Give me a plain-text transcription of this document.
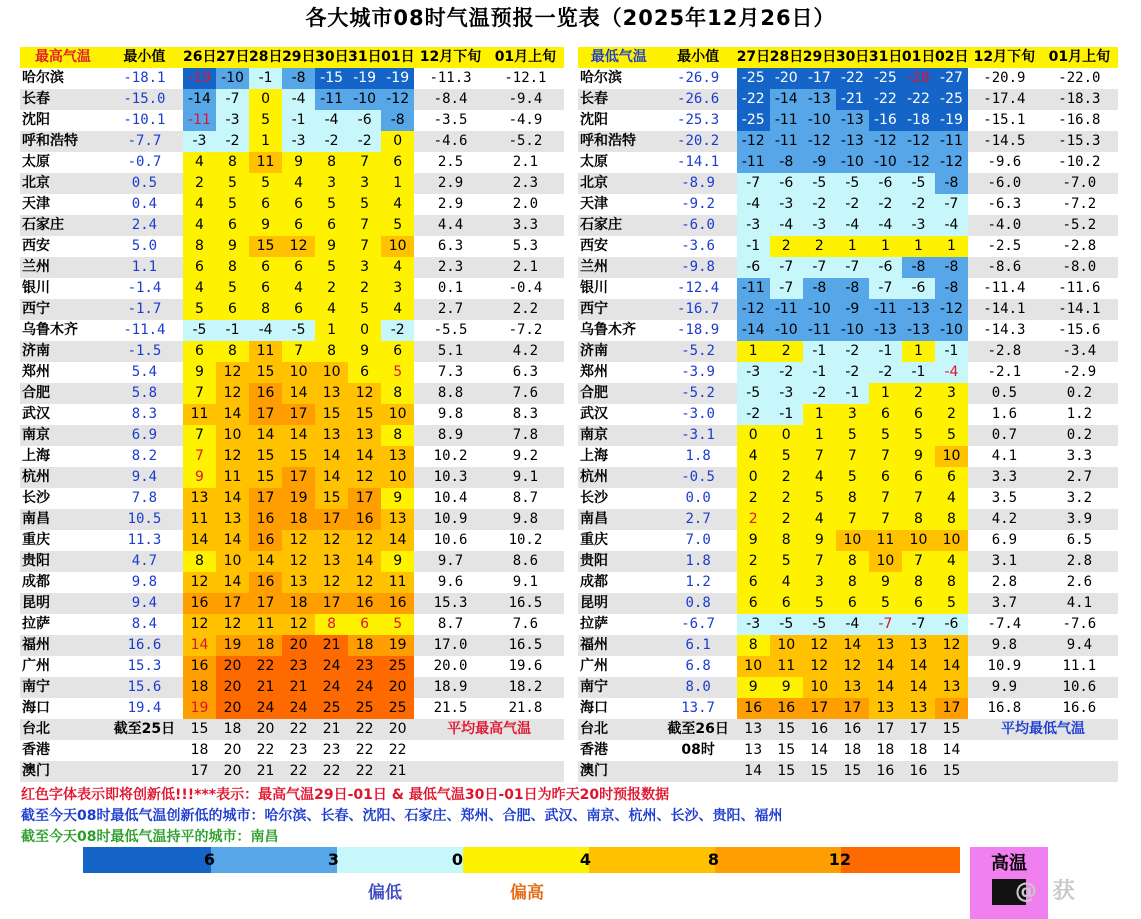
各大城市08时气温预报一览表（2025年12月26日）
最高气温	最小值	26日	27日	28日	29日	30日	31日	01日	12月下旬	01月上旬
哈尔滨	-18.1	-19	-10	-1	-8	-15	-19	-19	-11.3	-12.1
长春	-15.0	-14	-7	0	-4	-11	-10	-12	-8.4	-9.4
沈阳	-10.1	-11	-3	5	-1	-4	-6	-8	-3.5	-4.9
呼和浩特	-7.7	-3	-2	1	-3	-2	-2	0	-4.6	-5.2
太原	-0.7	4	8	11	9	8	7	6	2.5	2.1
北京	0.5	2	5	5	4	3	3	1	2.9	2.3
天津	0.4	4	5	6	6	5	5	4	2.9	2.0
石家庄	2.4	4	6	9	6	6	7	5	4.4	3.3
西安	5.0	8	9	15	12	9	7	10	6.3	5.3
兰州	1.1	6	8	6	6	5	3	4	2.3	2.1
银川	-1.4	4	5	6	4	2	2	3	0.1	-0.4
西宁	-1.7	5	6	8	6	4	5	4	2.7	2.2
乌鲁木齐	-11.4	-5	-1	-4	-5	1	0	-2	-5.5	-7.2
济南	-1.5	6	8	11	7	8	9	6	5.1	4.2
郑州	5.4	9	12	15	10	10	6	5	7.3	6.3
合肥	5.8	7	12	16	14	13	12	8	8.8	7.6
武汉	8.3	11	14	17	17	15	15	10	9.8	8.3
南京	6.9	7	10	14	14	13	13	8	8.9	7.8
上海	8.2	7	12	15	15	14	14	13	10.2	9.2
杭州	9.4	9	11	15	17	14	12	10	10.3	9.1
长沙	7.8	13	14	17	19	15	17	9	10.4	8.7
南昌	10.5	11	13	16	18	17	16	13	10.9	9.8
重庆	11.3	14	14	16	12	12	12	14	10.6	10.2
贵阳	4.7	8	10	14	12	13	14	9	9.7	8.6
成都	9.8	12	14	16	13	12	12	11	9.6	9.1
昆明	9.4	16	17	17	18	17	16	16	15.3	16.5
拉萨	8.4	12	12	11	12	8	6	5	8.7	7.6
福州	16.6	14	19	18	20	21	18	19	17.0	16.5
广州	15.3	16	20	22	23	24	23	25	20.0	19.6
南宁	15.6	18	20	21	21	24	24	20	18.9	18.2
海口	19.4	19	20	24	24	25	25	25	21.5	21.8
台北	截至25日	15	18	20	22	21	22	20	平均最高气温	
香港		18	20	22	23	23	22	22		
澳门		17	20	21	22	22	22	21		
最低气温	最小值	27日	28日	29日	30日	31日	01日	02日	12月下旬	01月上旬
哈尔滨	-26.9	-25	-20	-17	-22	-25	-28	-27	-20.9	-22.0
长春	-26.6	-22	-14	-13	-21	-22	-22	-25	-17.4	-18.3
沈阳	-25.3	-25	-11	-10	-13	-16	-18	-19	-15.1	-16.8
呼和浩特	-20.2	-12	-11	-12	-13	-12	-12	-11	-14.5	-15.3
太原	-14.1	-11	-8	-9	-10	-10	-12	-12	-9.6	-10.2
北京	-8.9	-7	-6	-5	-5	-6	-5	-8	-6.0	-7.0
天津	-9.2	-4	-3	-2	-2	-2	-2	-7	-6.3	-7.2
石家庄	-6.0	-3	-4	-3	-4	-4	-3	-4	-4.0	-5.2
西安	-3.6	-1	2	2	1	1	1	1	-2.5	-2.8
兰州	-9.8	-6	-7	-7	-7	-6	-8	-8	-8.6	-8.0
银川	-12.4	-11	-7	-8	-8	-7	-6	-8	-11.4	-11.6
西宁	-16.7	-12	-11	-10	-9	-11	-13	-12	-14.1	-14.1
乌鲁木齐	-18.9	-14	-10	-11	-10	-13	-13	-10	-14.3	-15.6
济南	-5.2	1	2	-1	-2	-1	1	-1	-2.8	-3.4
郑州	-3.9	-3	-2	-1	-2	-2	-1	-4	-2.1	-2.9
合肥	-5.2	-5	-3	-2	-1	1	2	3	0.5	0.2
武汉	-3.0	-2	-1	1	3	6	6	2	1.6	1.2
南京	-3.1	0	0	1	5	5	5	5	0.7	0.2
上海	1.8	4	5	7	7	7	9	10	4.1	3.3
杭州	-0.5	0	2	4	5	6	6	6	3.3	2.7
长沙	0.0	2	2	5	8	7	7	4	3.5	3.2
南昌	2.7	2	2	4	7	7	8	8	4.2	3.9
重庆	7.0	9	8	9	10	11	10	10	6.9	6.5
贵阳	1.8	2	5	7	8	10	7	4	3.1	2.8
成都	1.2	6	4	3	8	9	8	8	2.8	2.6
昆明	0.8	6	6	5	6	5	6	5	3.7	4.1
拉萨	-6.7	-3	-5	-5	-4	-7	-7	-6	-7.4	-7.6
福州	6.1	8	10	12	14	13	13	12	9.8	9.4
广州	6.8	10	11	12	12	14	14	14	10.9	11.1
南宁	8.0	9	9	10	13	14	14	13	9.9	10.6
海口	13.7	16	16	17	17	13	13	17	16.8	16.6
台北	截至26日	13	15	16	16	17	17	15	平均最低气温	
香港	08时	13	15	14	18	18	18	14		
澳门		14	15	15	15	16	16	15		
红色字体表示即将创新低!!!***表示：最高气温29日-01日 & 最低气温30日-01日为昨天20时预报数据
截至今天08时最低气温创新低的城市：哈尔滨、长春、沈阳、石家庄、郑州、合肥、武汉、南京、杭州、长沙、贵阳、福州
截至今天08时最低气温持平的城市：南昌
6	3	0	4	8	12
偏低	偏高
高温
@ 获
